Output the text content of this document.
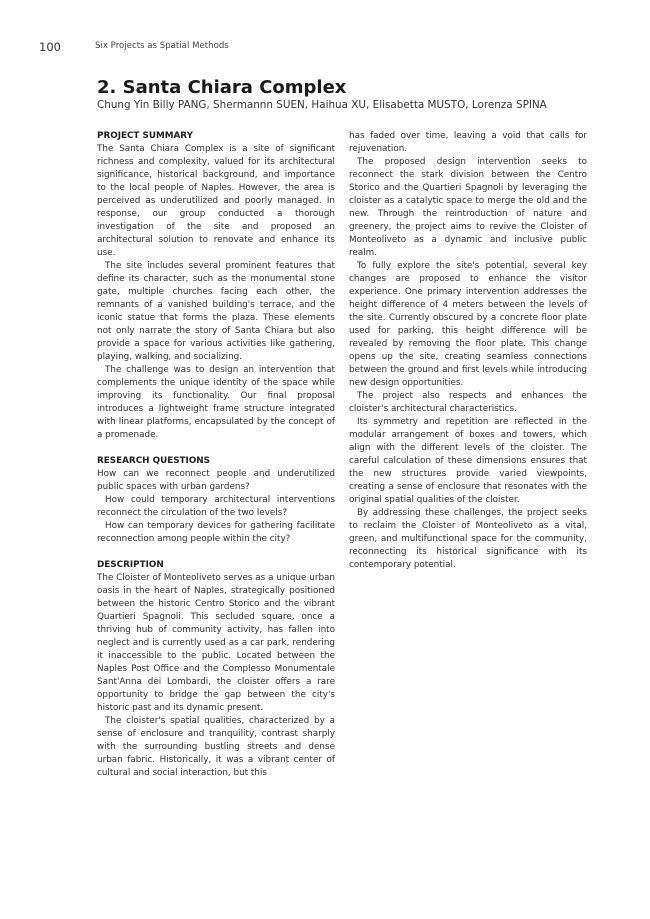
100	Six Projects as Spatial Methods
2. Santa Chiara Complex
Chung Yin Billy PANG, Shermannn SUEN, Haihua XU, Elisabetta MUSTO, Lorenza SPINA
PROJECT SUMMARY

The Santa Chiara Complex is a site of significant richness and complexity, valued for its architectural significance, historical background, and importance to the local people of Naples. However, the area is perceived as underutilized and poorly managed. In response, our group conducted a thorough investigation of the site and proposed an architectural solution to renovate and enhance its use.

The site includes several prominent features that define its character, such as the monumental stone gate, multiple churches facing each other, the remnants of a vanished building's terrace, and the iconic statue that forms the plaza. These elements not only narrate the story of Santa Chiara but also provide a space for various activities like gathering, playing, walking, and socializing.

The challenge was to design an intervention that complements the unique identity of the space while improving its functionality. Our final proposal introduces a lightweight frame structure integrated with linear platforms, encapsulated by the concept of a promenade.

RESEARCH QUESTIONS

How can we reconnect people and underutilized public spaces with urban gardens?

How could temporary architectural interventions reconnect the circulation of the two levels?

How can temporary devices for gathering facilitate reconnection among people within the city?

DESCRIPTION

The Cloister of Monteoliveto serves as a unique urban oasis in the heart of Naples, strategically positioned between the historic Centro Storico and the vibrant Quartieri Spagnoli. This secluded square, once a thriving hub of community activity, has fallen into neglect and is currently used as a car park, rendering it inaccessible to the public. Located between the Naples Post Office and the Complesso Monumentale Sant'Anna dei Lombardi, the cloister offers a rare opportunity to bridge the gap between the city's historic past and its dynamic present.

The cloister's spatial qualities, characterized by a sense of enclosure and tranquility, contrast sharply with the surrounding bustling streets and dense urban fabric. Historically, it was a vibrant center of cultural and social interaction, but this

has faded over time, leaving a void that calls for rejuvenation.

The proposed design intervention seeks to reconnect the stark division between the Centro Storico and the Quartieri Spagnoli by leveraging the cloister as a catalytic space to merge the old and the new. Through the reintroduction of nature and greenery, the project aims to revive the Cloister of Monteoliveto as a dynamic and inclusive public realm.

To fully explore the site's potential, several key changes are proposed to enhance the visitor experience. One primary intervention addresses the height difference of 4 meters between the levels of the site. Currently obscured by a concrete floor plate used for parking, this height difference will be revealed by removing the floor plate. This change opens up the site, creating seamless connections between the ground and first levels while introducing new design opportunities.

The project also respects and enhances the cloister's architectural characteristics.

Its symmetry and repetition are reflected in the modular arrangement of boxes and towers, which align with the different levels of the cloister. The careful calculation of these dimensions ensures that the new structures provide varied viewpoints, creating a sense of enclosure that resonates with the original spatial qualities of the cloister.

By addressing these challenges, the project seeks to reclaim the Cloister of Monteoliveto as a vital, green, and multifunctional space for the community, reconnecting its historical significance with its contemporary potential.
